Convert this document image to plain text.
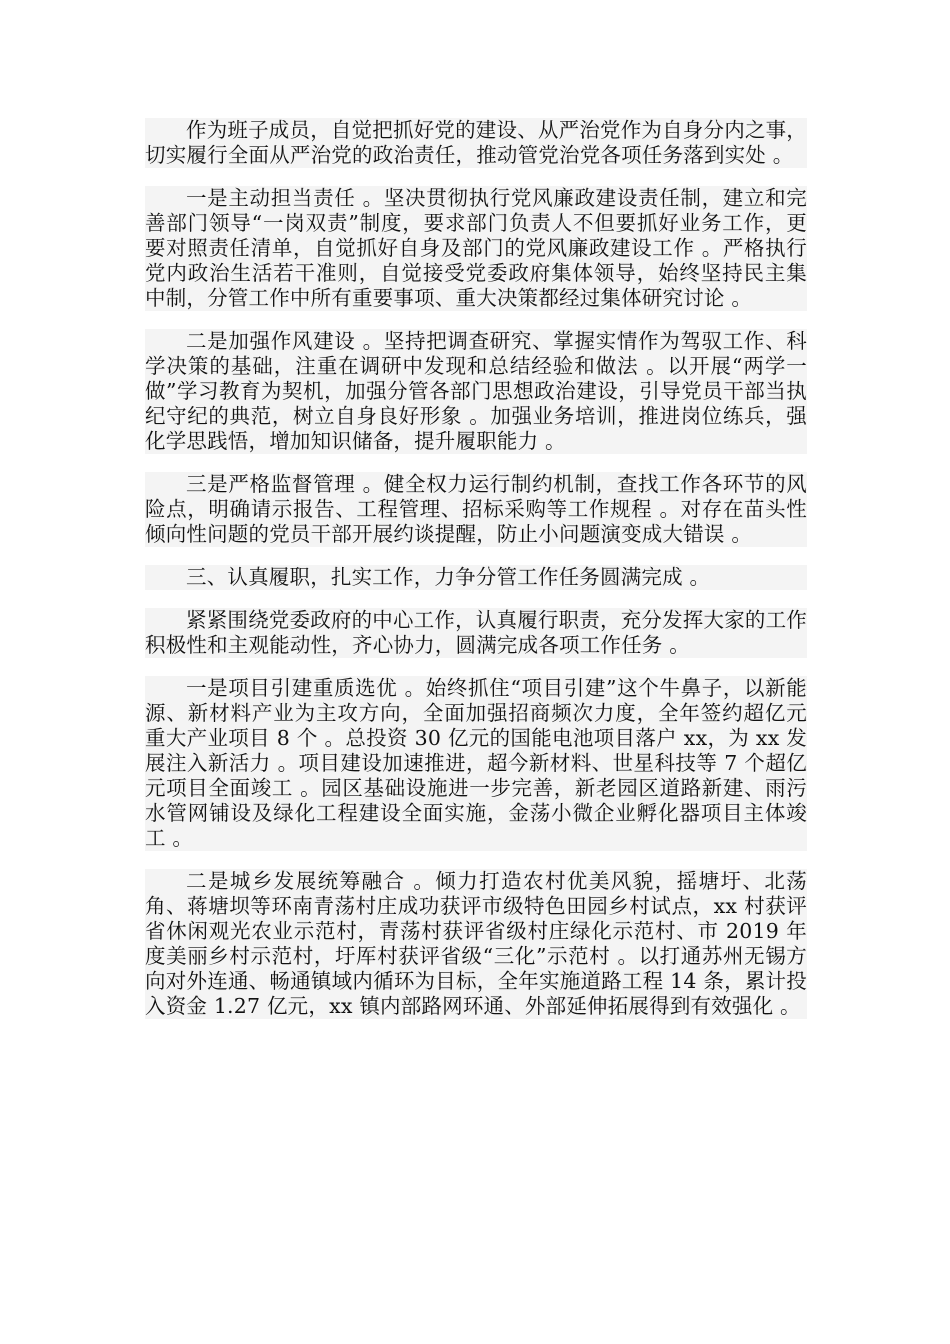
作为班子成员，自觉把抓好党的建设、从严治党作为自身分内之事，切实履行全面从严治党的政治责任，推动管党治党各项任务落到实处 。

一是主动担当责任 。坚决贯彻执行党风廉政建设责任制，建立和完善部门领导“一岗双责”制度，要求部门负责人不但要抓好业务工作，更要对照责任清单，自觉抓好自身及部门的党风廉政建设工作 。严格执行党内政治生活若干准则，自觉接受党委政府集体领导，始终坚持民主集中制，分管工作中所有重要事项、重大决策都经过集体研究讨论 。

二是加强作风建设 。坚持把调查研究、掌握实情作为驾驭工作、科学决策的基础，注重在调研中发现和总结经验和做法 。以开展“两学一做”学习教育为契机，加强分管各部门思想政治建设，引导党员干部当执纪守纪的典范，树立自身良好形象 。加强业务培训，推进岗位练兵，强化学思践悟，增加知识储备，提升履职能力 。

三是严格监督管理 。健全权力运行制约机制，查找工作各环节的风险点，明确请示报告、工程管理、招标采购等工作规程 。对存在苗头性倾向性问题的党员干部开展约谈提醒，防止小问题演变成大错误 。

三、认真履职，扎实工作，力争分管工作任务圆满完成 。

紧紧围绕党委政府的中心工作，认真履行职责，充分发挥大家的工作积极性和主观能动性，齐心协力，圆满完成各项工作任务 。

一是项目引建重质选优 。始终抓住“项目引建”这个牛鼻子，以新能源、新材料产业为主攻方向，全面加强招商频次力度，全年签约超亿元重大产业项目 8 个 。总投资 30 亿元的国能电池项目落户 xx，为 xx 发展注入新活力 。项目建设加速推进，超今新材料、世星科技等 7 个超亿元项目全面竣工 。园区基础设施进一步完善，新老园区道路新建、雨污水管网铺设及绿化工程建设全面实施，金荡小微企业孵化器项目主体竣工 。

二是城乡发展统筹融合 。倾力打造农村优美风貌，摇塘圩、北荡角、蒋塘坝等环南青荡村庄成功获评市级特色田园乡村试点，xx 村获评省休闲观光农业示范村，青荡村获评省级村庄绿化示范村、市 2019 年度美丽乡村示范村，圩厍村获评省级“三化”示范村 。以打通苏州无锡方向对外连通、畅通镇域内循环为目标，全年实施道路工程 14 条，累计投入资金 1.27 亿元，xx 镇内部路网环通、外部延伸拓展得到有效强化 。
